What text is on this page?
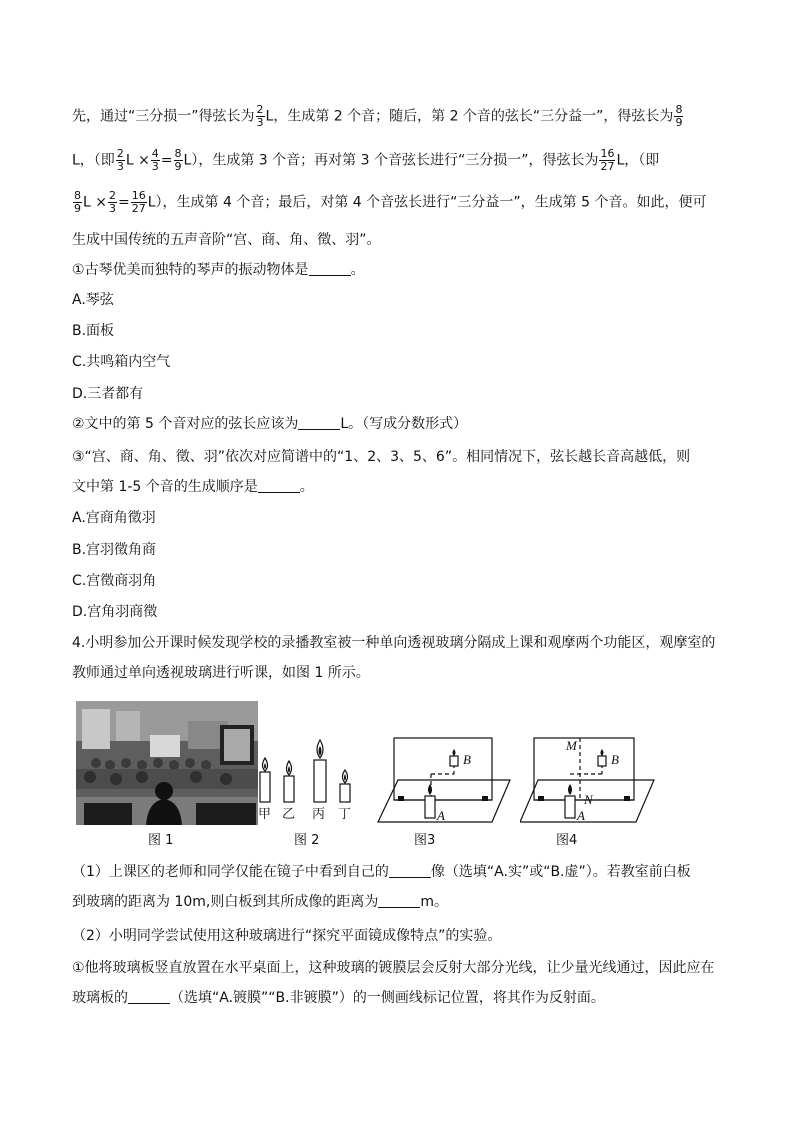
先，通过“三分损一”得弦长为 $\frac{2}{3}$ L，生成第 2 个音；随后，第 2 个音的弦长“三分益一”，得弦长为 $\frac{8}{9}$
L，（即 $\frac{2}{3}$ $L \times \frac{4}{3} = \frac{8}{9} L$），生成第 3 个音；再对第 3 个音弦长进行“三分损一”，得弦长为 $\frac{16}{27}$ L，（即
$\frac{8}{9}$ $L \times \frac{2}{3} = \frac{16}{27} L$），生成第 4 个音；最后，对第 4 个音弦长进行“三分益一”，生成第 5 个音。如此，便可
生成中国传统的五声音阶“宫、商、角、徵、羽”。
①古琴优美而独特的琴声的振动物体是	。
A.琴弦
B.面板
C.共鸣箱内空气
D.三者都有
②文中的第 5 个音对应的弦长应该为	L。（写成分数形式）
③“宫、商、角、徵、羽”依次对应简谱中的“1、2、3、5、6”。相同情况下，弦长越长音高越低，则
文中第 1-5 个音的生成顺序是	。
A.宫商角徵羽
B.宫羽徵角商
C.宫徵商羽角
D.宫角羽商徵
4.小明参加公开课时候发现学校的录播教室被一种单向透视玻璃分隔成上课和观摩两个功能区，观摩室的
教师通过单向透视玻璃进行听课，如图 1 所示。
图 1
甲 乙 丙 丁
图 2
B
A
图3
M
B
N
A
图4
（1）上课区的老师和同学仅能在镜子中看到自己的	像（选填“A.实”或“B.虚”）。若教室前白板
到玻璃的距离为 10m,则白板到其所成像的距离为	m。
（2）小明同学尝试使用这种玻璃进行“探究平面镜成像特点”的实验。
①他将玻璃板竖直放置在水平桌面上，这种玻璃的镀膜层会反射大部分光线，让少量光线通过，因此应在
玻璃板的	（选填“A.镀膜”“B.非镀膜”）的一侧画线标记位置，将其作为反射面。
